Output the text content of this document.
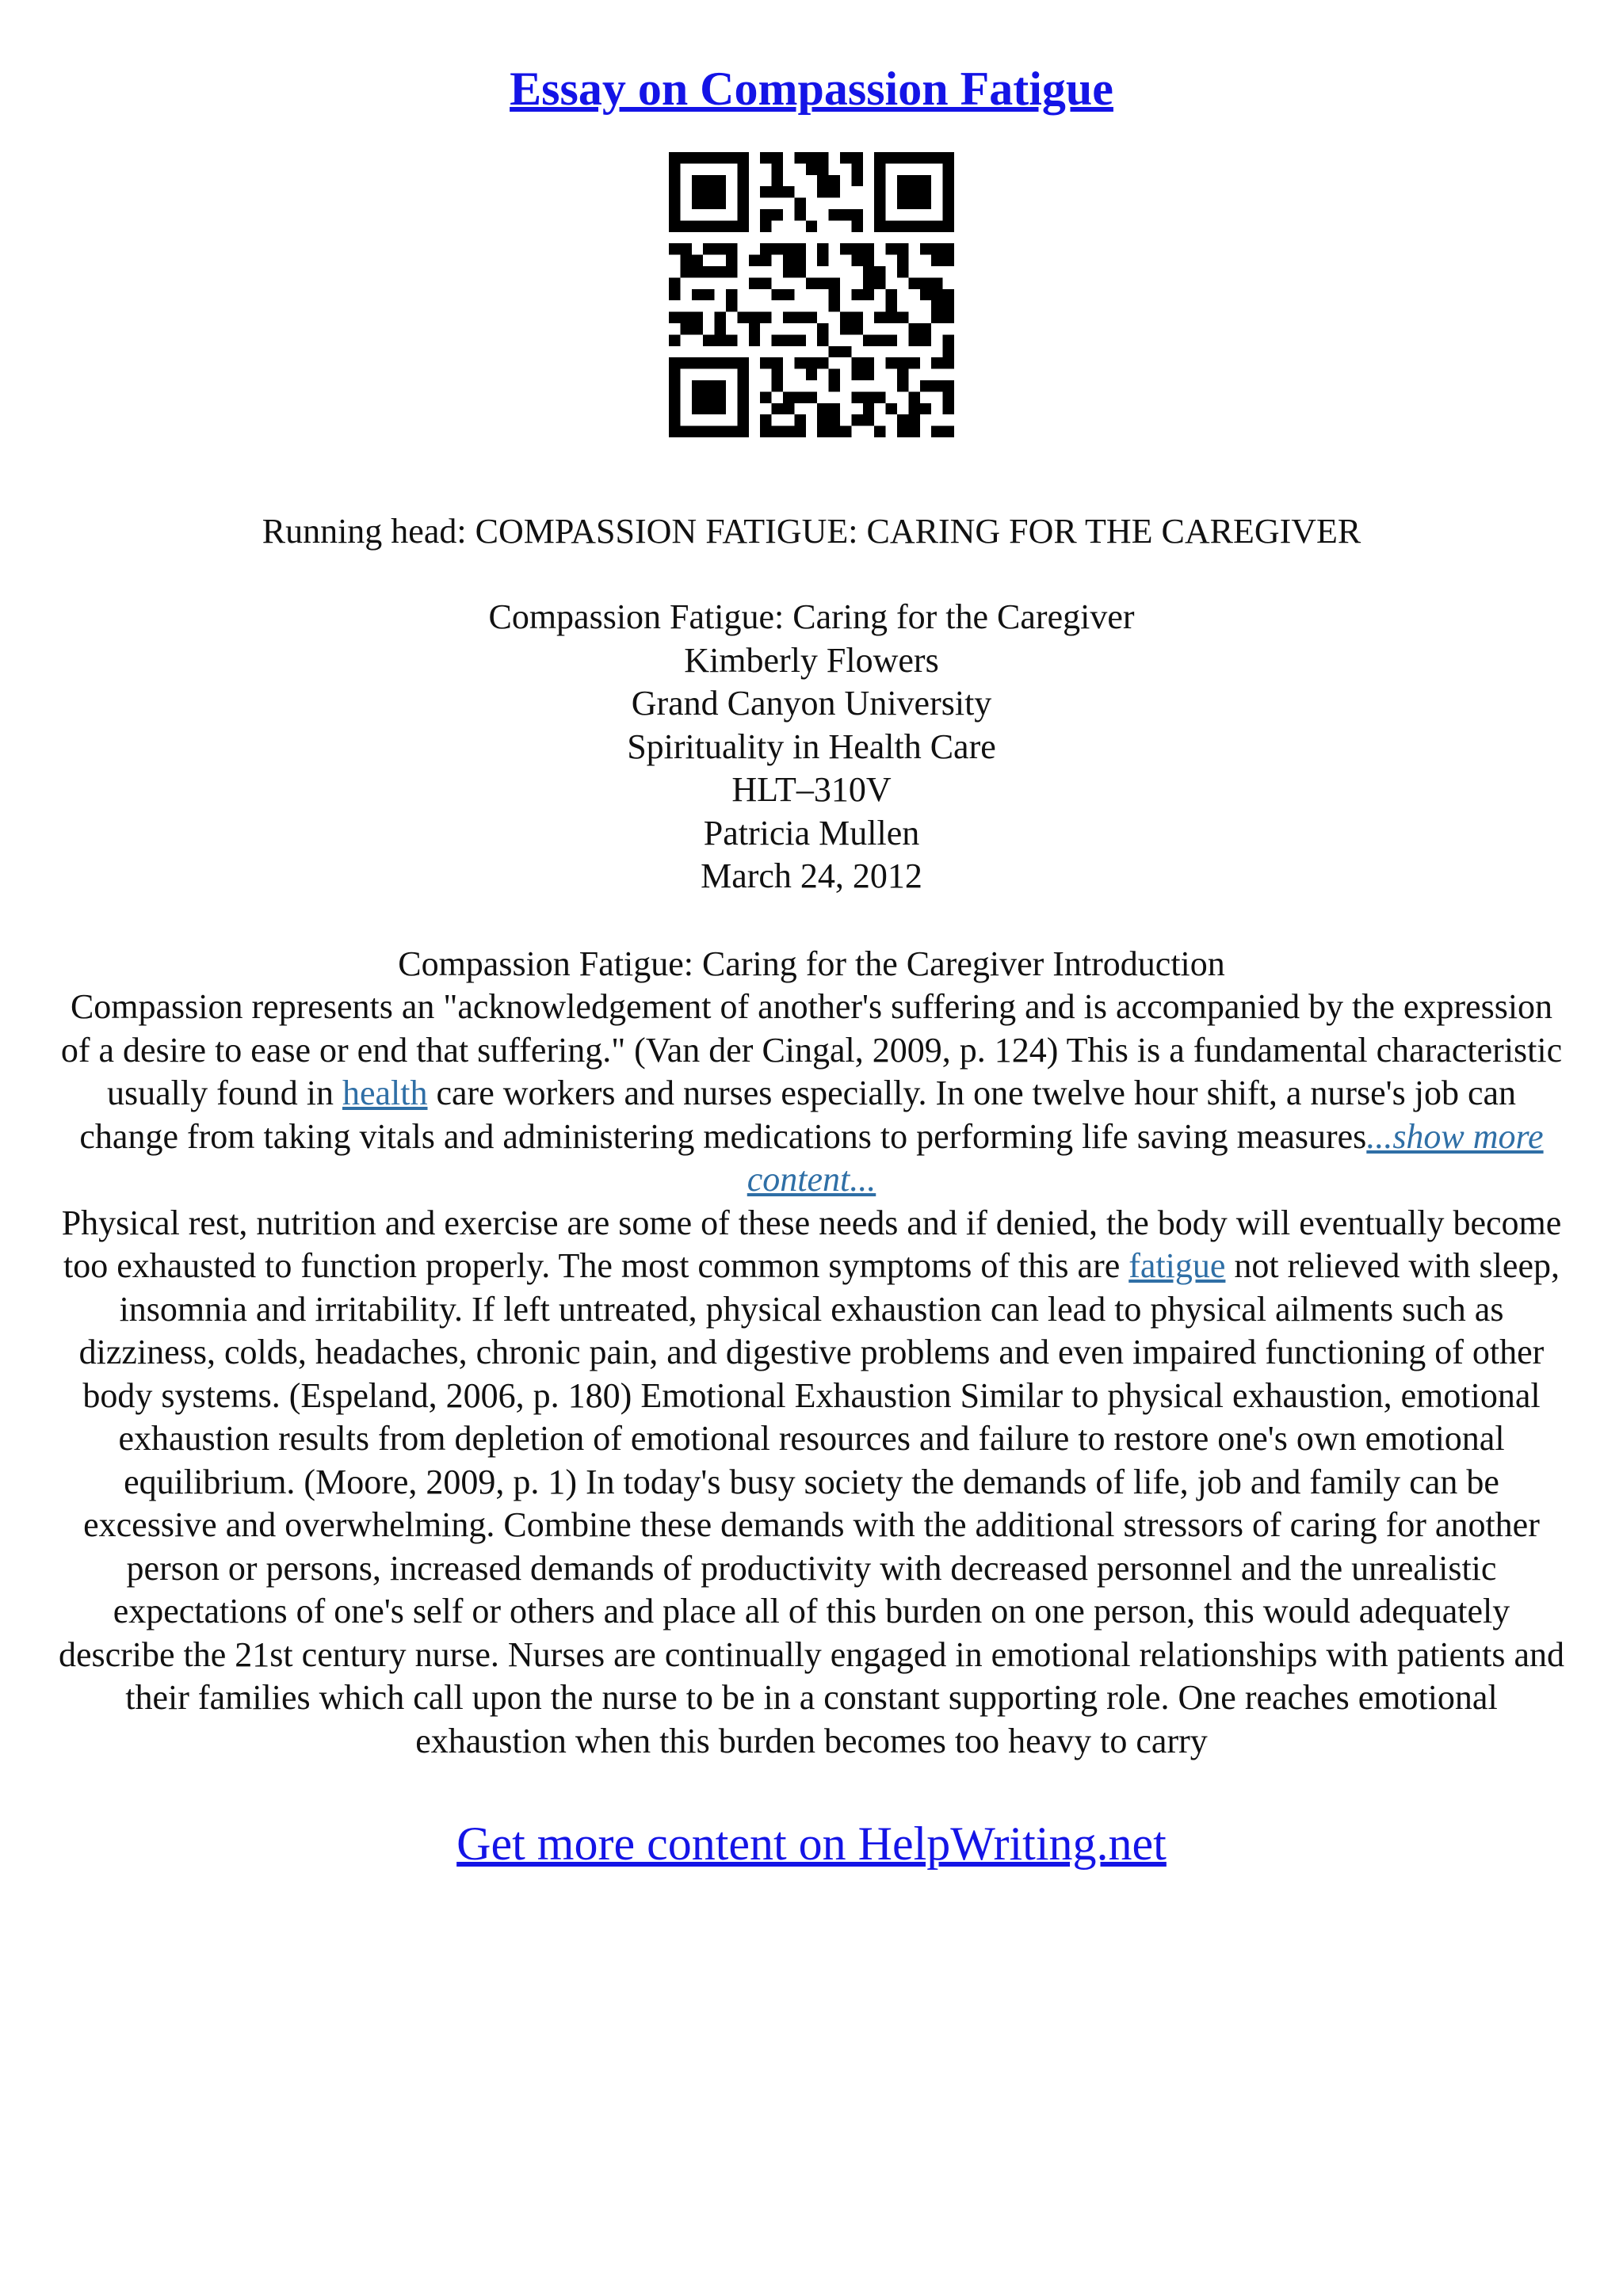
Essay on Compassion Fatigue
Running head: COMPASSION FATIGUE: CARING FOR THE CAREGIVER
Compassion Fatigue: Caring for the Caregiver
Kimberly Flowers
Grand Canyon University
Spirituality in Health Care
HLT–310V
Patricia Mullen
March 24, 2012
Compassion Fatigue: Caring for the Caregiver Introduction

Compassion represents an "acknowledgement of another's suffering and is accompanied by the expression of a desire to ease or end that suffering." (Van der Cingal, 2009, p. 124) This is a fundamental characteristic usually found in health care workers and nurses especially. In one twelve hour shift, a nurse's job can change from taking vitals and administering medications to performing life saving measures...show more content...

Physical rest, nutrition and exercise are some of these needs and if denied, the body will eventually become too exhausted to function properly. The most common symptoms of this are fatigue not relieved with sleep, insomnia and irritability. If left untreated, physical exhaustion can lead to physical ailments such as dizziness, colds, headaches, chronic pain, and digestive problems and even impaired functioning of other body systems. (Espeland, 2006, p. 180) Emotional Exhaustion Similar to physical exhaustion, emotional exhaustion results from depletion of emotional resources and failure to restore one's own emotional equilibrium. (Moore, 2009, p. 1) In today's busy society the demands of life, job and family can be excessive and overwhelming. Combine these demands with the additional stressors of caring for another person or persons, increased demands of productivity with decreased personnel and the unrealistic expectations of one's self or others and place all of this burden on one person, this would adequately describe the 21st century nurse. Nurses are continually engaged in emotional relationships with patients and their families which call upon the nurse to be in a constant supporting role. One reaches emotional exhaustion when this burden becomes too heavy to carry

Get more content on HelpWriting.net
